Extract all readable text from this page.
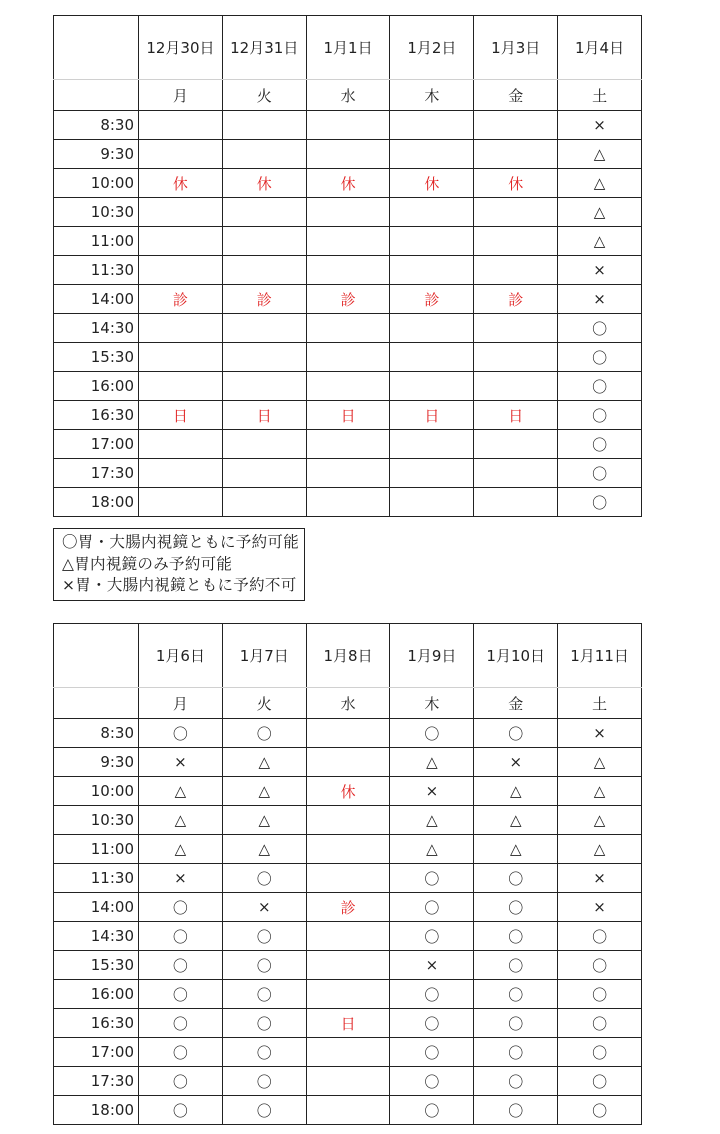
	12月30日	12月31日	1月1日	1月2日	1月3日	1月4日
	月	火	水	木	金	土
8:30						×
9:30						△
10:00	休	休	休	休	休	△
10:30						△
11:00						△
11:30						×
14:00	診	診	診	診	診	×
14:30						〇
15:30						〇
16:00						〇
16:30	日	日	日	日	日	〇
17:00						〇
17:30						〇
18:00						〇
〇胃・大腸内視鏡ともに予約可能
△胃内視鏡のみ予約可能
×胃・大腸内視鏡ともに予約不可
	1月6日	1月7日	1月8日	1月9日	1月10日	1月11日
	月	火	水	木	金	土
8:30	〇	〇		〇	〇	×
9:30	×	△		△	×	△
10:00	△	△	休	×	△	△
10:30	△	△		△	△	△
11:00	△	△		△	△	△
11:30	×	〇		〇	〇	×
14:00	〇	×	診	〇	〇	×
14:30	〇	〇		〇	〇	〇
15:30	〇	〇		×	〇	〇
16:00	〇	〇		〇	〇	〇
16:30	〇	〇	日	〇	〇	〇
17:00	〇	〇		〇	〇	〇
17:30	〇	〇		〇	〇	〇
18:00	〇	〇		〇	〇	〇
